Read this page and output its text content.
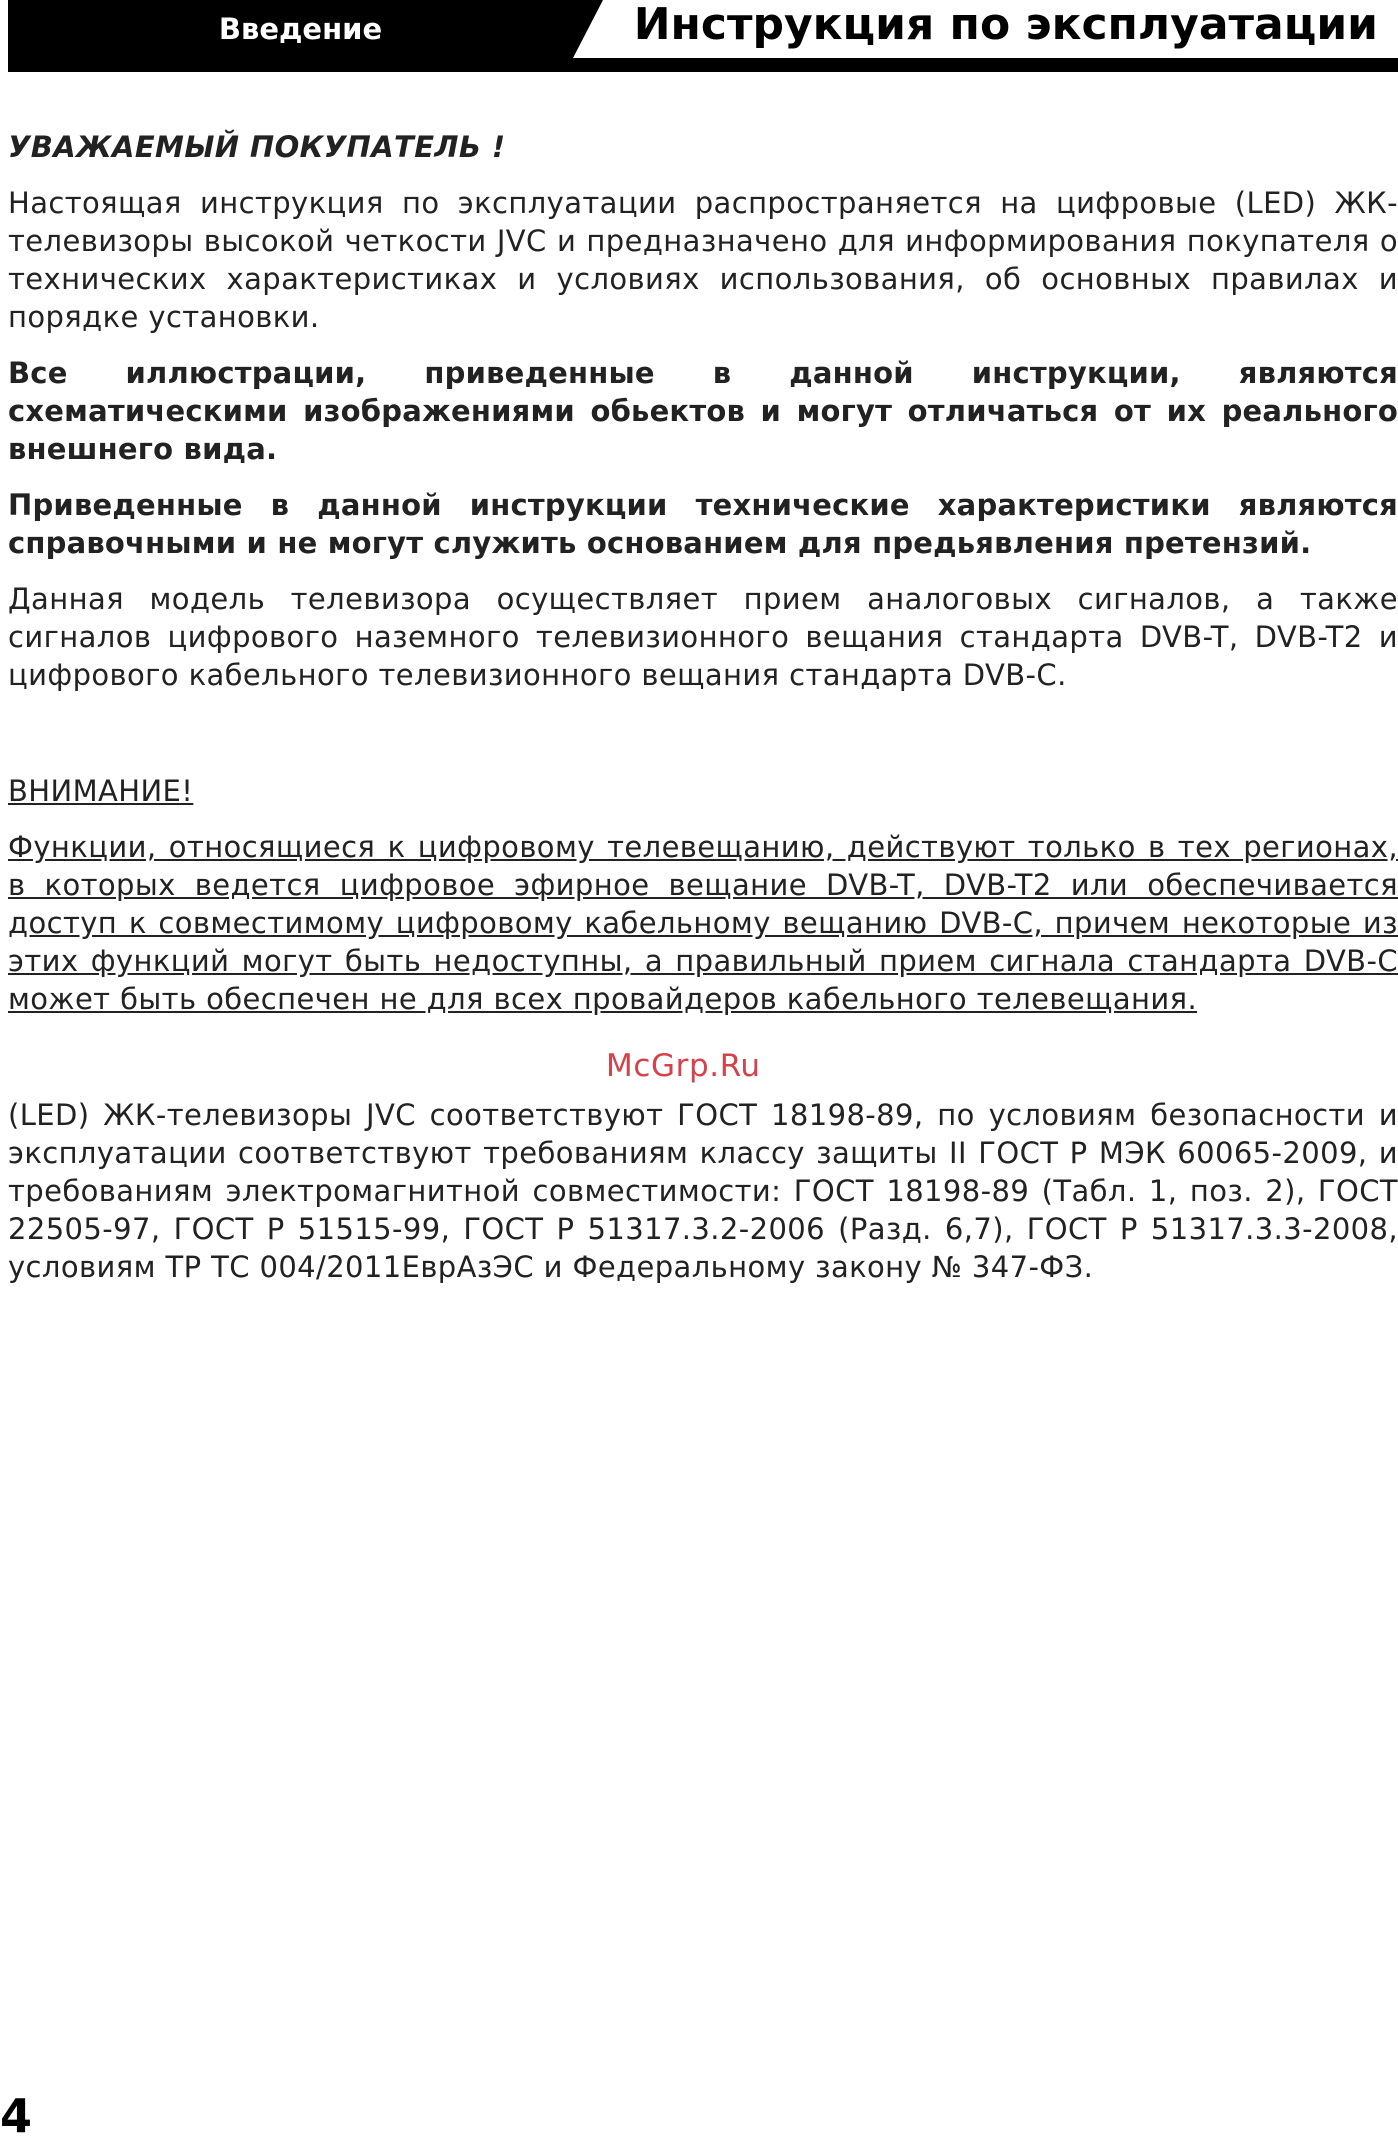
Введение	Инструкция по эксплуатации

УВАЖАЕМЫЙ ПОКУПАТЕЛЬ !

Настоящая инструкция по эксплуатации распространяется на цифровые (LED) ЖК-телевизоры высокой четкости JVC и предназначено для информирования покупателя о технических характеристиках и условиях использования, об основных правилах и порядке установки.

Все иллюстрации, приведенные в данной инструкции, являются схематическими изображениями обьектов и могут отличаться от их реального внешнего вида.

Приведенные в данной инструкции технические характеристики являются справочными и не могут служить основанием для предьявления претензий.

Данная модель телевизора осуществляет прием аналоговых сигналов, а также сигналов цифрового наземного телевизионного вещания стандарта DVB-T, DVB-T2 и цифрового кабельного телевизионного вещания стандарта DVB-C.

ВНИМАНИЕ!

Функции, относящиеся к цифровому телевещанию, действуют только в тех регионах, в которых ведется цифровое эфирное вещание DVB-T, DVB-T2 или обеспечивается доступ к совместимому цифровому кабельному вещанию DVB-C, причем некоторые из этих функций могут быть недоступны, а правильный прием сигнала стандарта DVB-C может быть обеспечен не для всех провайдеров кабельного телевещания.

(LED) ЖК-телевизоры JVC соответствуют ГОСТ 18198-89, по условиям безопасности и эксплуатации соответствуют требованиям классу защиты II ГОСТ Р МЭК 60065-2009, и требованиям электромагнитной совместимости: ГОСТ 18198-89 (Табл. 1, поз. 2), ГОСТ 22505-97, ГОСТ Р 51515-99, ГОСТ Р 51317.3.2-2006 (Разд. 6,7), ГОСТ Р 51317.3.3-2008, условиям ТР ТС 004/2011ЕврАзЭС и Федеральному закону № 347-ФЗ.

McGrp.Ru
4
